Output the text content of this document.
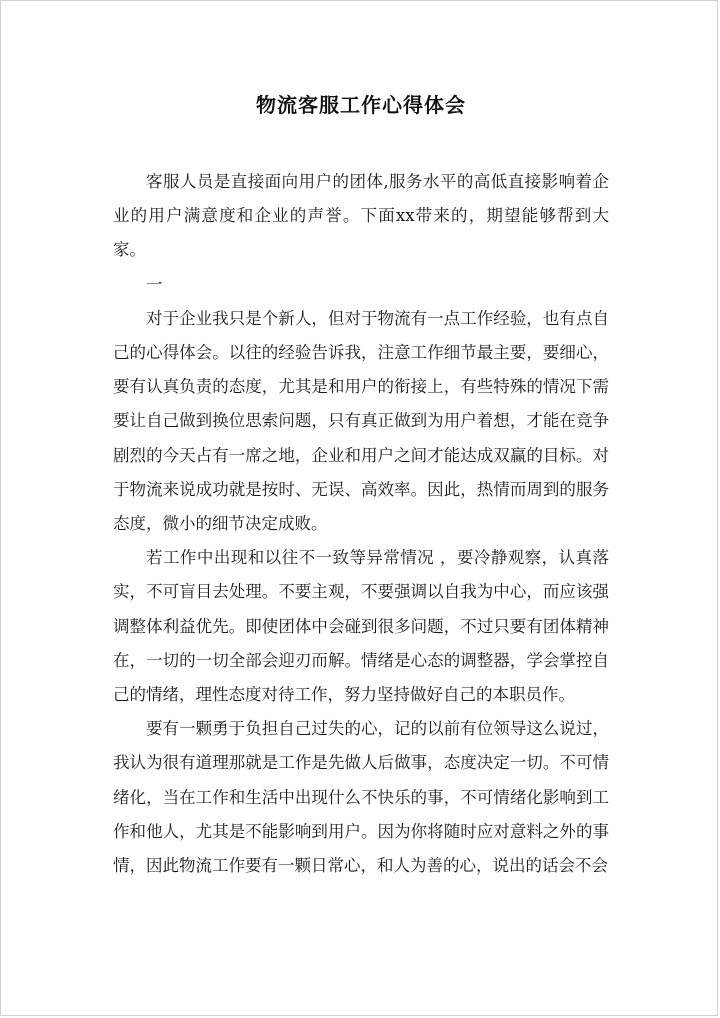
物流客服工作心得体会

客服人员是直接面向用户的团体,服务水平的高低直接影响着企业的用户满意度和企业的声誉。下面xx带来的，期望能够帮到大家。

一

对于企业我只是个新人，但对于物流有一点工作经验，也有点自己的心得体会。以往的经验告诉我，注意工作细节最主要，要细心，要有认真负责的态度，尤其是和用户的衔接上，有些特殊的情况下需要让自己做到换位思索问题，只有真正做到为用户着想，才能在竞争剧烈的今天占有一席之地，企业和用户之间才能达成双赢的目标。对于物流来说成功就是按时、无误、高效率。因此，热情而周到的服务态度，微小的细节决定成败。

若工作中出现和以往不一致等异常情况 ，要冷静观察，认真落实，不可盲目去处理。不要主观，不要强调以自我为中心，而应该强调整体利益优先。即使团体中会碰到很多问题，不过只要有团体精神在，一切的一切全部会迎刃而解。情绪是心态的调整器，学会掌控自己的情绪，理性态度对待工作，努力坚持做好自己的本职员作。

要有一颗勇于负担自己过失的心，记的以前有位领导这么说过，我认为很有道理那就是工作是先做人后做事，态度决定一切。不可情绪化，当在工作和生活中出现什么不快乐的事，不可情绪化影响到工作和他人，尤其是不能影响到用户。因为你将随时应对意料之外的事情，因此物流工作要有一颗日常心，和人为善的心，说出的话会不会
